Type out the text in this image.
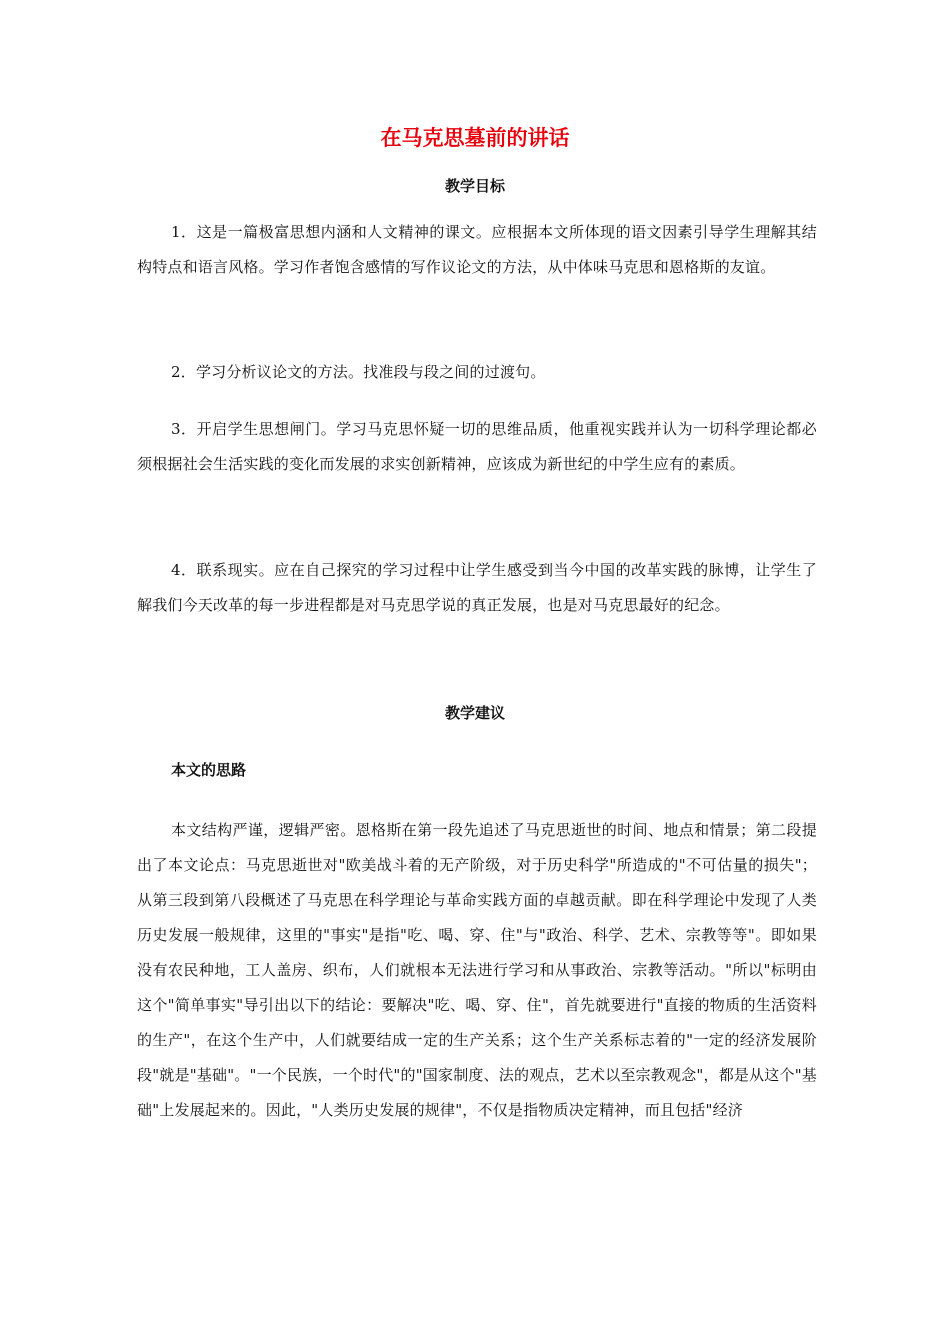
在马克思墓前的讲话
教学目标

1．这是一篇极富思想内涵和人文精神的课文。应根据本文所体现的语文因素引导学生理解其结构特点和语言风格。学习作者饱含感情的写作议论文的方法，从中体味马克思和恩格斯的友谊。

2．学习分析议论文的方法。找准段与段之间的过渡句。

3．开启学生思想闸门。学习马克思怀疑一切的思维品质，他重视实践并认为一切科学理论都必须根据社会生活实践的变化而发展的求实创新精神，应该成为新世纪的中学生应有的素质。

4．联系现实。应在自己探究的学习过程中让学生感受到当今中国的改革实践的脉博，让学生了解我们今天改革的每一步进程都是对马克思学说的真正发展，也是对马克思最好的纪念。

教学建议
本文的思路

本文结构严谨，逻辑严密。恩格斯在第一段先追述了马克思逝世的时间、地点和情景；第二段提出了本文论点：马克思逝世对"欧美战斗着的无产阶级，对于历史科学"所造成的"不可估量的损失"；从第三段到第八段概述了马克思在科学理论与革命实践方面的卓越贡献。即在科学理论中发现了人类历史发展一般规律，这里的"事实"是指"吃、喝、穿、住"与"政治、科学、艺术、宗教等等"。即如果没有农民种地，工人盖房、织布，人们就根本无法进行学习和从事政治、宗教等活动。"所以"标明由这个"简单事实"导引出以下的结论：要解决"吃、喝、穿、住"，首先就要进行"直接的物质的生活资料的生产"，在这个生产中，人们就要结成一定的生产关系；这个生产关系标志着的"一定的经济发展阶段"就是"基础"。"一个民族，一个时代"的"国家制度、法的观点，艺术以至宗教观念"，都是从这个"基础"上发展起来的。因此，"人类历史发展的规律"，不仅是指物质决定精神，而且包括"经济
